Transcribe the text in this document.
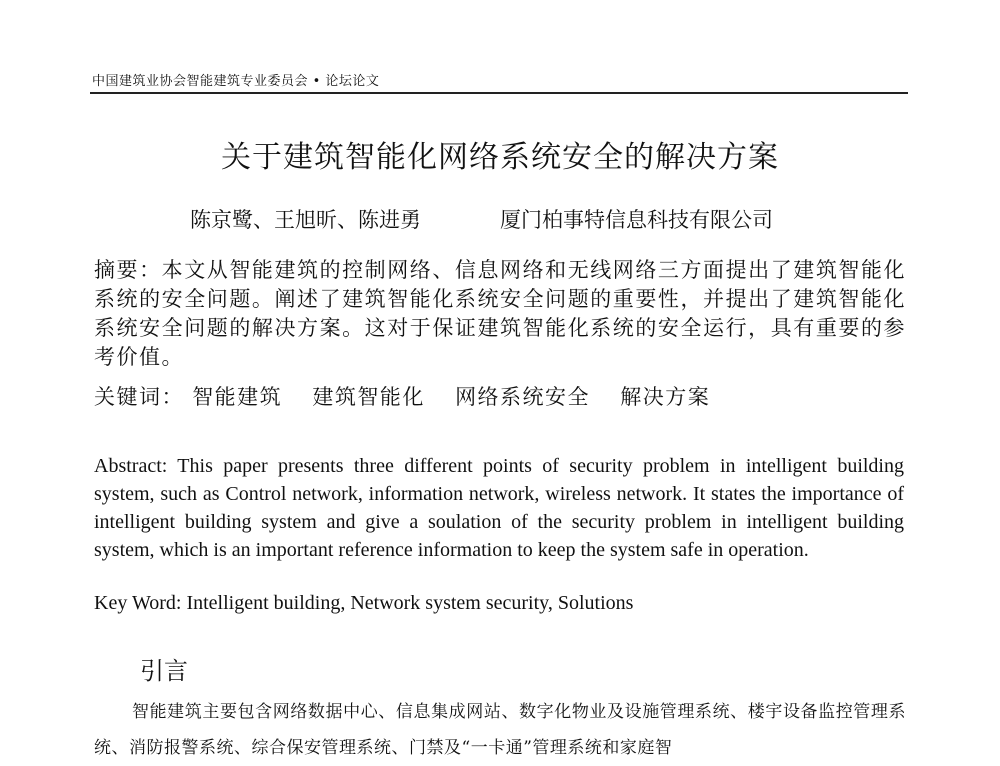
中国建筑业协会智能建筑专业委员会 • 论坛论文
关于建筑智能化网络系统安全的解决方案
陈京鹭、王旭昕、陈进勇	厦门柏事特信息科技有限公司
摘要：本文从智能建筑的控制网络、信息网络和无线网络三方面提出了建筑智能化系统的安全问题。阐述了建筑智能化系统安全问题的重要性，并提出了建筑智能化系统安全问题的解决方案。这对于保证建筑智能化系统的安全运行，具有重要的参考价值。
关键词： 智能建筑 建筑智能化 网络系统安全 解决方案
Abstract: This paper presents three different points of security problem in intelligent building system, such as Control network, information network, wireless network. It states the importance of intelligent building system and give a soulation of the security problem in intelligent building system, which is an important reference information to keep the system safe in operation.
Key Word: Intelligent building, Network system security, Solutions
引言
智能建筑主要包含网络数据中心、信息集成网站、数字化物业及设施管理系统、楼宇设备监控管理系统、消防报警系统、综合保安管理系统、门禁及“一卡通”管理系统和家庭智
